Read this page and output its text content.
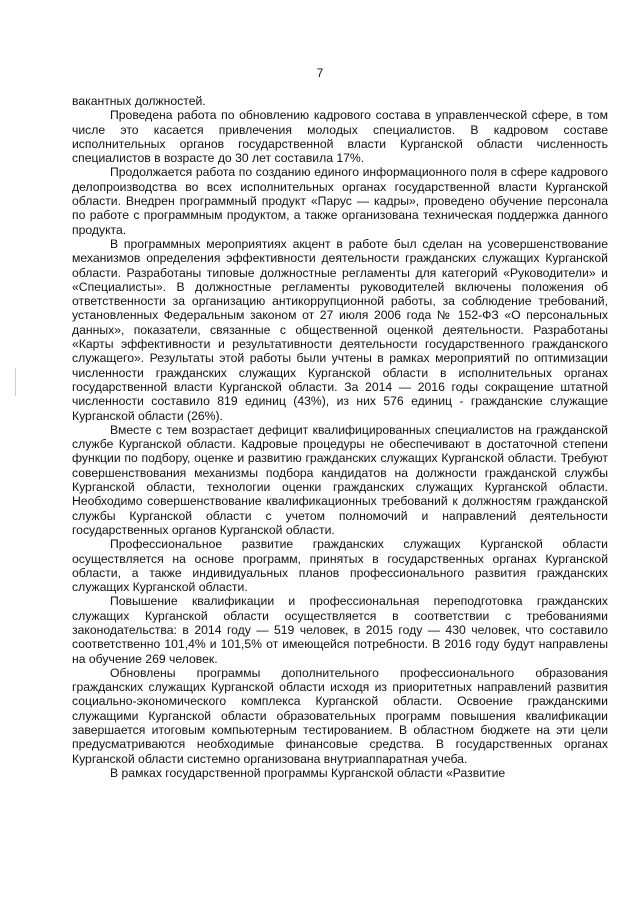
7

вакантных должностей.

Проведена работа по обновлению кадрового состава в управленческой сфере, в том числе это касается привлечения молодых специалистов. В кадровом составе исполнительных органов государственной власти Курганской области численность специалистов в возрасте до 30 лет составила 17%.

Продолжается работа по созданию единого информационного поля в сфере кадрового делопроизводства во всех исполнительных органах государственной власти Курганской области. Внедрен программный продукт «Парус — кадры», проведено обучение персонала по работе с программным продуктом, а также организована техническая поддержка данного продукта.

В программных мероприятиях акцент в работе был сделан на усовершенствование механизмов определения эффективности деятельности гражданских служащих Курганской области. Разработаны типовые должностные регламенты для категорий «Руководители» и «Специалисты». В должностные регламенты руководителей включены положения об ответственности за организацию антикоррупционной работы, за соблюдение требований, установленных Федеральным законом от 27 июля 2006 года № 152-ФЗ «О персональных данных», показатели, связанные с общественной оценкой деятельности. Разработаны «Карты эффективности и результативности деятельности государственного гражданского служащего». Результаты этой работы были учтены в рамках мероприятий по оптимизации численности гражданских служащих Курганской области в исполнительных органах государственной власти Курганской области. За 2014 — 2016 годы сокращение штатной численности составило 819 единиц (43%), из них 576 единиц - гражданские служащие Курганской области (26%).

Вместе с тем возрастает дефицит квалифицированных специалистов на гражданской службе Курганской области. Кадровые процедуры не обеспечивают в достаточной степени функции по подбору, оценке и развитию гражданских служащих Курганской области. Требуют совершенствования механизмы подбора кандидатов на должности гражданской службы Курганской области, технологии оценки гражданских служащих Курганской области. Необходимо совершенствование квалификационных требований к должностям гражданской службы Курганской области с учетом полномочий и направлений деятельности государственных органов Курганской области.

Профессиональное развитие гражданских служащих Курганской области осуществляется на основе программ, принятых в государственных органах Курганской области, а также индивидуальных планов профессионального развития гражданских служащих Курганской области.

Повышение квалификации и профессиональная переподготовка гражданских служащих Курганской области осуществляется в соответствии с требованиями законодательства: в 2014 году — 519 человек, в 2015 году — 430 человек, что составило соответственно 101,4% и 101,5% от имеющейся потребности. В 2016 году будут направлены на обучение 269 человек.

Обновлены программы дополнительного профессионального образования гражданских служащих Курганской области исходя из приоритетных направлений развития социально-экономического комплекса Курганской области. Освоение гражданскими служащими Курганской области образовательных программ повышения квалификации завершается итоговым компьютерным тестированием. В областном бюджете на эти цели предусматриваются необходимые финансовые средства. В государственных органах Курганской области системно организована внутриаппаратная учеба.

В рамках государственной программы Курганской области «Развитие
